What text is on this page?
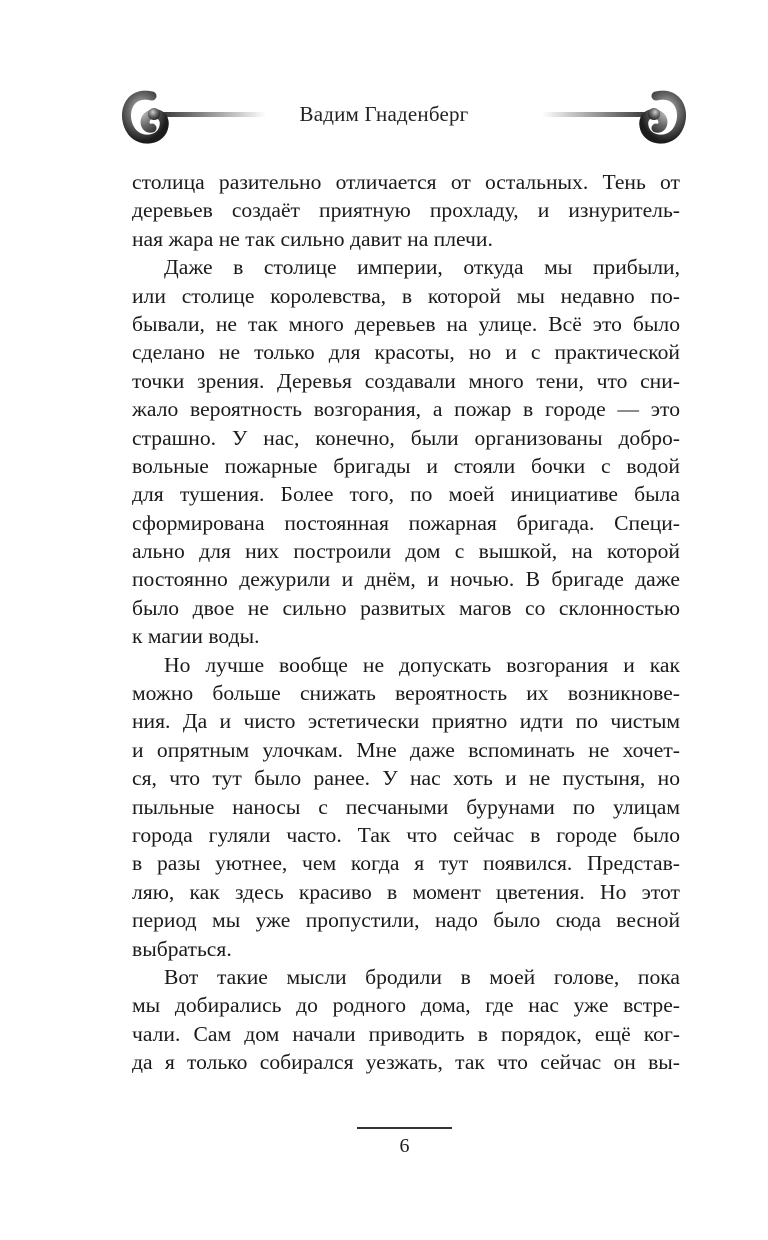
Вадим Гнаденберг
столица разительно отличается от остальных. Тень от
деревьев создаёт приятную прохладу, и изнуритель-
ная жара не так сильно давит на плечи.
Даже в столице империи, откуда мы прибыли,
или столице королевства, в которой мы недавно по-
бывали, не так много деревьев на улице. Всё это было
сделано не только для красоты, но и с практической
точки зрения. Деревья создавали много тени, что сни-
жало вероятность возгорания, а пожар в городе — это
страшно. У нас, конечно, были организованы добро-
вольные пожарные бригады и стояли бочки с водой
для тушения. Более того, по моей инициативе была
сформирована постоянная пожарная бригада. Специ-
ально для них построили дом с вышкой, на которой
постоянно дежурили и днём, и ночью. В бригаде даже
было двое не сильно развитых магов со склонностью
к магии воды.
Но лучше вообще не допускать возгорания и как
можно больше снижать вероятность их возникнове-
ния. Да и чисто эстетически приятно идти по чистым
и опрятным улочкам. Мне даже вспоминать не хочет-
ся, что тут было ранее. У нас хоть и не пустыня, но
пыльные наносы с песчаными бурунами по улицам
города гуляли часто. Так что сейчас в городе было
в разы уютнее, чем когда я тут появился. Представ-
ляю, как здесь красиво в момент цветения. Но этот
период мы уже пропустили, надо было сюда весной
выбраться.
Вот такие мысли бродили в моей голове, пока
мы добирались до родного дома, где нас уже встре-
чали. Сам дом начали приводить в порядок, ещё ког-
да я только собирался уезжать, так что сейчас он вы-
6
